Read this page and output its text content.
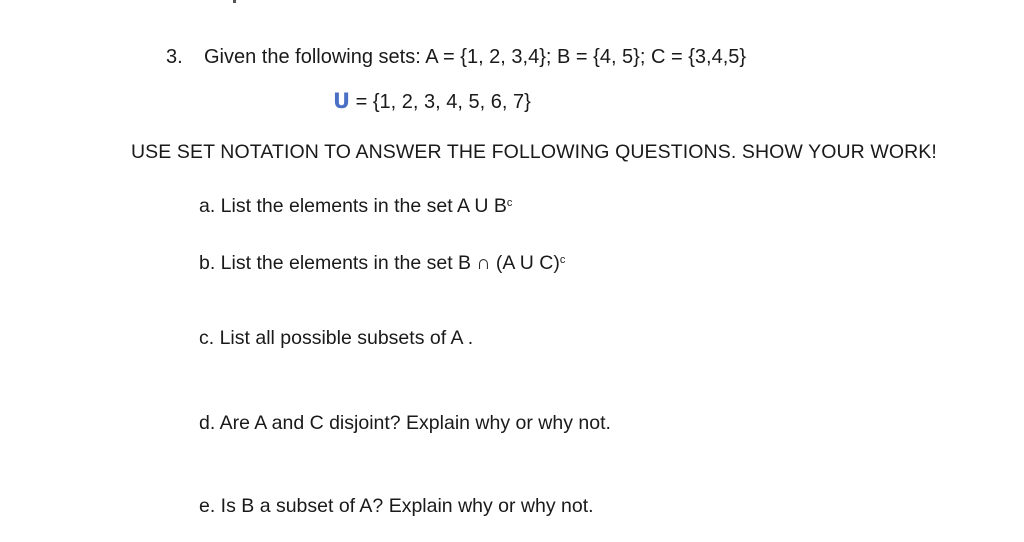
3. Given the following sets: A = {1, 2, 3,4}; B = {4, 5}; C = {3,4,5}
U = {1, 2, 3, 4, 5, 6, 7}
USE SET NOTATION TO ANSWER THE FOLLOWING QUESTIONS. SHOW YOUR WORK!
a. List the elements in the set A U $B^c$
b. List the elements in the set B ∩ (A U C)$^c$
c. List all possible subsets of A .
d. Are A and C disjoint? Explain why or why not.
e. Is B a subset of A? Explain why or why not.
